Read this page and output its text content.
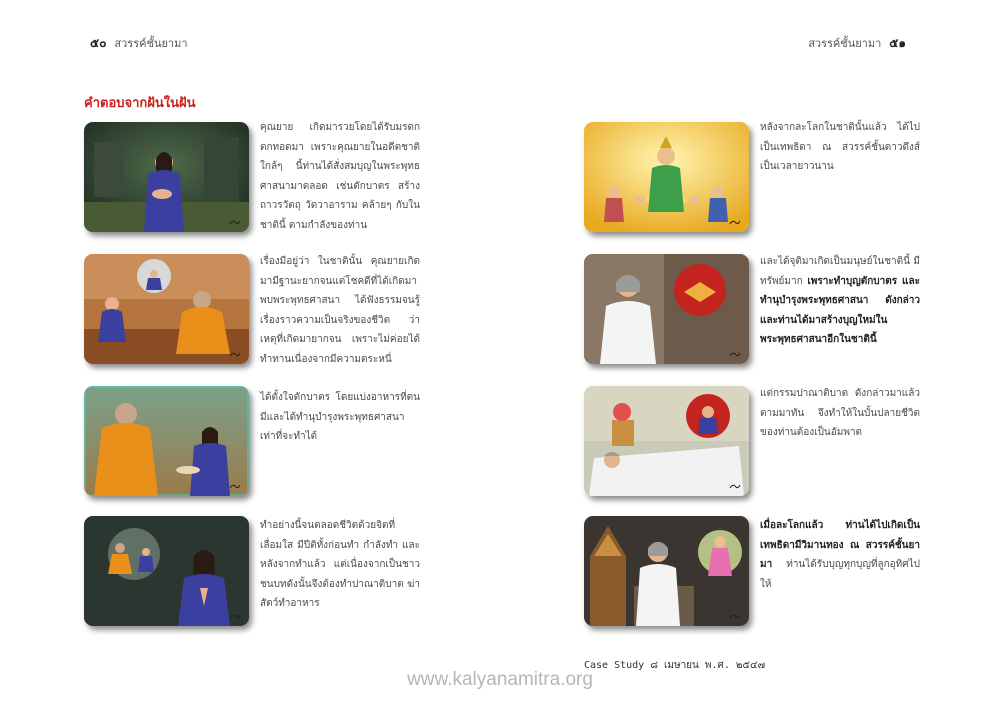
๕๐ สวรรค์ชั้นยามา	สวรรค์ชั้นยามา ๕๑
คำตอบจากฝันในฝัน
คุณยาย เกิดมารวยโดยได้รับมรดกตกทอดมา เพราะคุณยายในอดีตชาติใกล้ๆ นี้ท่านได้สั่งสมบุญในพระพุทธศาสนามาตลอด เช่นตักบาตร สร้างถาวรวัตถุ วัดวาอาราม คล้ายๆ กับในชาตินี้ ตามกำลังของท่าน
เรื่องมีอยู่ว่า ในชาตินั้น คุณยายเกิดมามีฐานะยากจนแต่โชคดีที่ได้เกิดมาพบพระพุทธศาสนา ได้ฟังธรรมจนรู้เรื่องราวความเป็นจริงของชีวิต ว่าเหตุที่เกิดมายากจน เพราะไม่ค่อยได้ทำทานเนื่องจากมีความตระหนี่
ได้ตั้งใจตักบาตร โดยแบ่งอาหารที่ตนมีและได้ทำนุบำรุงพระพุทธศาสนาเท่าที่จะทำได้
ทำอย่างนี้จนตลอดชีวิตด้วยจิตที่เลื่อมใส มีปีติทั้งก่อนทำ กำลังทำ และหลังจากทำแล้ว แต่เนื่องจากเป็นชาวชนบทดังนั้นจึงต้องทำปาณาติบาต ฆ่าสัตว์ทำอาหาร
หลังจากละโลกในชาตินั้นแล้ว ได้ไปเป็นเทพธิดา ณ สวรรค์ชั้นดาวดึงส์ เป็นเวลายาวนาน
และได้จุติมาเกิดเป็นมนุษย์ในชาตินี้ มีทรัพย์มาก เพราะทำบุญตักบาตร และทำนุบำรุงพระพุทธศาสนา ดังกล่าว และท่านได้มาสร้างบุญใหม่ในพระพุทธศาสนาอีกในชาตินี้
แต่กรรมปาณาติบาต ดังกล่าวมาแล้วตามมาทัน จึงทำให้ในบั้นปลายชีวิตของท่านต้องเป็นอัมพาต
เมื่อละโลกแล้ว ท่านได้ไปเกิดเป็นเทพธิดามีวิมานทอง ณ สวรรค์ชั้นยามา ท่านได้รับบุญทุกบุญที่ลูกอุทิศไปให้
Case Study ๘ เมษายน พ.ศ. ๒๕๔๗
www.kalyanamitra.org
